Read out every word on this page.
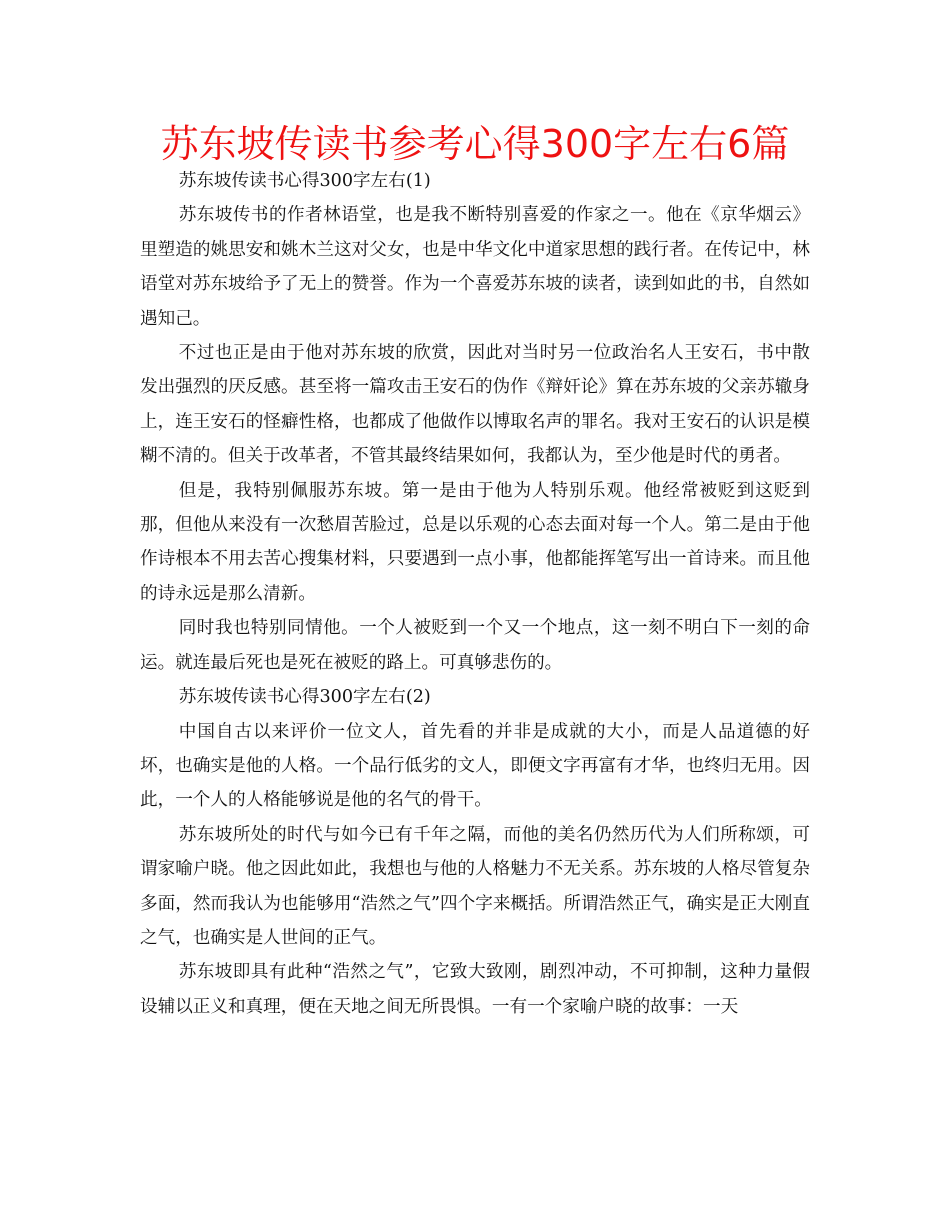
苏东坡传读书参考心得300字左右6篇

苏东坡传读书心得300字左右(1)

苏东坡传书的作者林语堂，也是我不断特别喜爱的作家之一。他在《京华烟云》里塑造的姚思安和姚木兰这对父女，也是中华文化中道家思想的践行者。在传记中，林语堂对苏东坡给予了无上的赞誉。作为一个喜爱苏东坡的读者，读到如此的书，自然如遇知己。

不过也正是由于他对苏东坡的欣赏，因此对当时另一位政治名人王安石，书中散发出强烈的厌反感。甚至将一篇攻击王安石的伪作《辩奸论》算在苏东坡的父亲苏辙身上，连王安石的怪癖性格，也都成了他做作以博取名声的罪名。我对王安石的认识是模糊不清的。但关于改革者，不管其最终结果如何，我都认为，至少他是时代的勇者。

但是，我特别佩服苏东坡。第一是由于他为人特别乐观。他经常被贬到这贬到那，但他从来没有一次愁眉苦脸过，总是以乐观的心态去面对每一个人。第二是由于他作诗根本不用去苦心搜集材料，只要遇到一点小事，他都能挥笔写出一首诗来。而且他的诗永远是那么清新。

同时我也特别同情他。一个人被贬到一个又一个地点，这一刻不明白下一刻的命运。就连最后死也是死在被贬的路上。可真够悲伤的。

苏东坡传读书心得300字左右(2)

中国自古以来评价一位文人，首先看的并非是成就的大小，而是人品道德的好坏，也确实是他的人格。一个品行低劣的文人，即便文字再富有才华，也终归无用。因此，一个人的人格能够说是他的名气的骨干。

苏东坡所处的时代与如今已有千年之隔，而他的美名仍然历代为人们所称颂，可谓家喻户晓。他之因此如此，我想也与他的人格魅力不无关系。苏东坡的人格尽管复杂多面，然而我认为也能够用“浩然之气”四个字来概括。所谓浩然正气，确实是正大刚直之气，也确实是人世间的正气。

苏东坡即具有此种“浩然之气”，它致大致刚，剧烈冲动，不可抑制，这种力量假设辅以正义和真理，便在天地之间无所畏惧。一有一个家喻户晓的故事：一天
